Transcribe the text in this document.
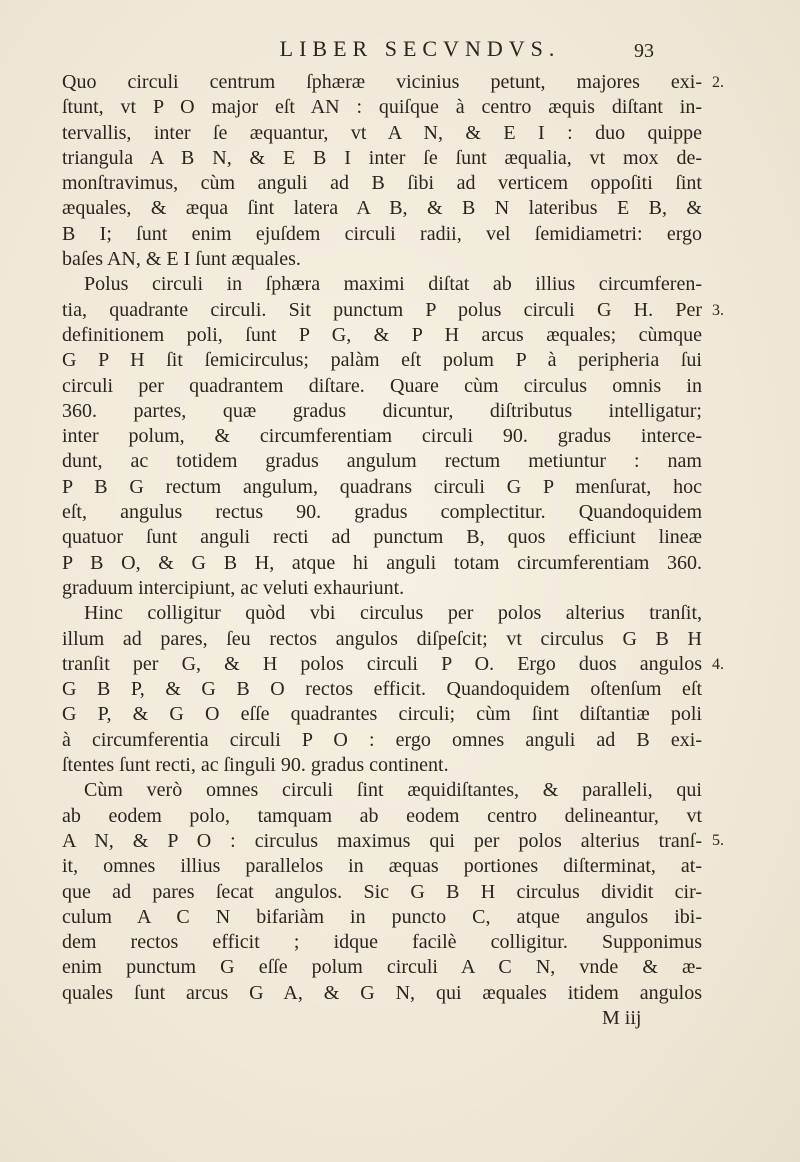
LIBER SECVNDVS.	93
Quo circuli centrum ſphæræ vicinius petunt, majores exi-
ſtunt, vt P O major eſt AN : quiſque à centro æquis diſtant in-
tervallis, inter ſe æquantur, vt A N, & E I : duo quippe
triangula A B N, & E B I inter ſe ſunt æqualia, vt mox de-
monſtravimus, cùm anguli ad B ſibi ad verticem oppoſiti ſint
æquales, & æqua ſint latera A B, & B N lateribus E B, &
B I; ſunt enim ejuſdem circuli radii, vel ſemidiametri: ergo
baſes AN, & E I ſunt æquales.
Polus circuli in ſphæra maximi diſtat ab illius circumferen-
tia, quadrante circuli. Sit punctum P polus circuli G H. Per
definitionem poli, ſunt P G, & P H arcus æquales; cùmque
G P H ſit ſemicirculus; palàm eſt polum P à peripheria ſui
circuli per quadrantem diſtare. Quare cùm circulus omnis in
360. partes, quæ gradus dicuntur, diſtributus intelligatur;
inter polum, & circumferentiam circuli 90. gradus interce-
dunt, ac totidem gradus angulum rectum metiuntur : nam
P B G rectum angulum, quadrans circuli G P menſurat, hoc
eſt, angulus rectus 90. gradus complectitur. Quandoquidem
quatuor ſunt anguli recti ad punctum B, quos efficiunt lineæ
P B O, & G B H, atque hi anguli totam circumferentiam 360.
graduum intercipiunt, ac veluti exhauriunt.
Hinc colligitur quòd vbi circulus per polos alterius tranſit,
illum ad pares, ſeu rectos angulos diſpeſcit; vt circulus G B H
tranſit per G, & H polos circuli P O. Ergo duos angulos
G B P, & G B O rectos efficit. Quandoquidem oſtenſum eſt
G P, & G O eſſe quadrantes circuli; cùm ſint diſtantiæ poli
à circumferentia circuli P O : ergo omnes anguli ad B exi-
ſtentes ſunt recti, ac ſinguli 90. gradus continent.
Cùm verò omnes circuli ſint æquidiſtantes, & paralleli, qui
ab eodem polo, tamquam ab eodem centro delineantur, vt
A N, & P O : circulus maximus qui per polos alterius tranſ-
it, omnes illius parallelos in æquas portiones diſterminat, at-
que ad pares ſecat angulos. Sic G B H circulus dividit cir-
culum A C N bifariàm in puncto C, atque angulos ibi-
dem rectos efficit ; idque facilè colligitur. Supponimus
enim punctum G eſſe polum circuli A C N, vnde & æ-
quales ſunt arcus G A, & G N, qui æquales itidem angulos
M iij
2.
3.
4.
5.
